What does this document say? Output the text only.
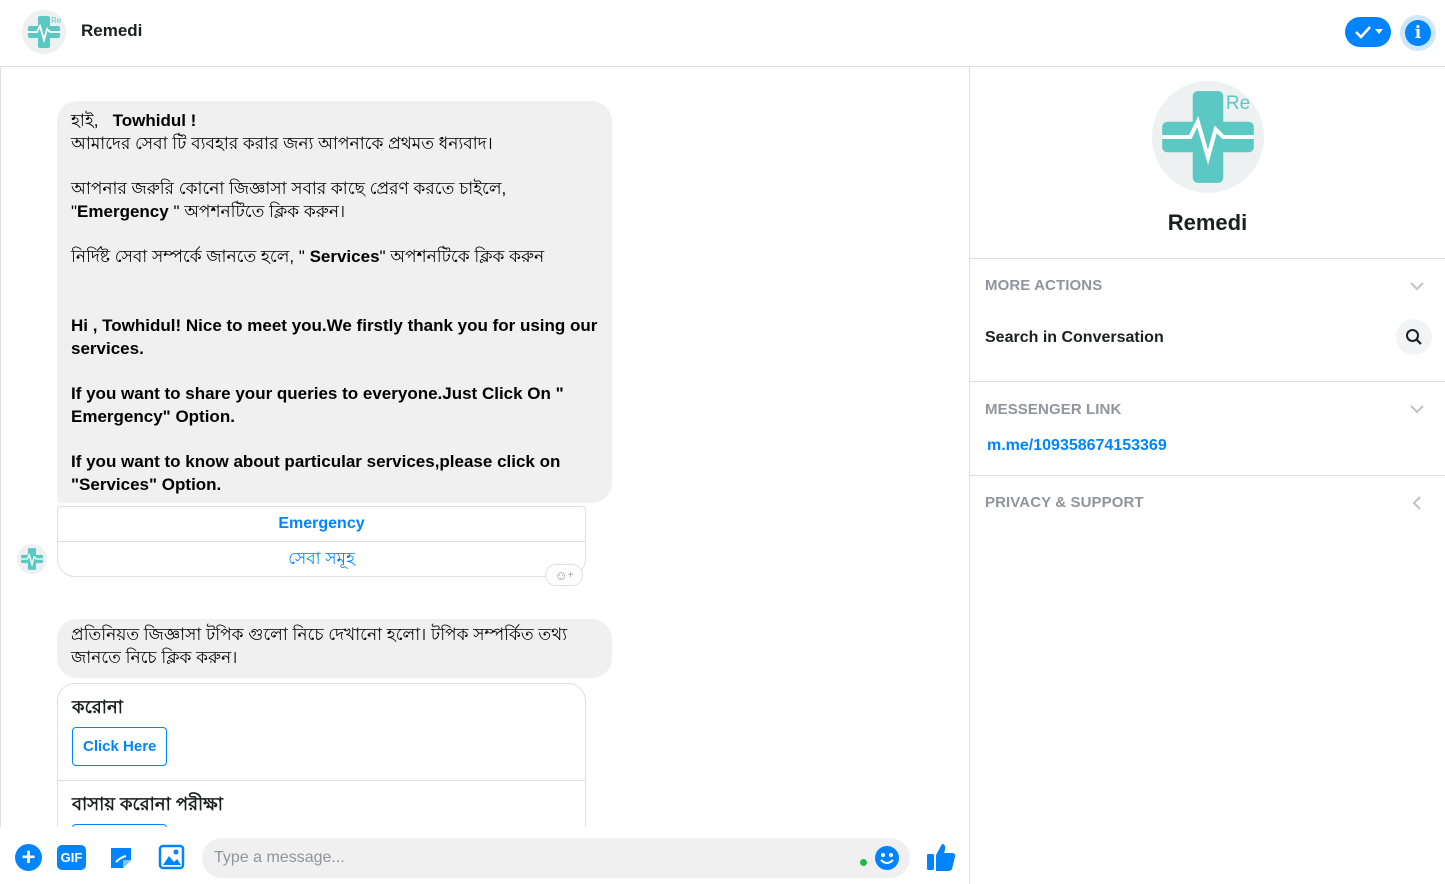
Re
Remedi	i

হাই, Towhidul !

আমাদের সেবা টি ব্যবহার করার জন্য আপনাকে প্রথমত ধন্যবাদ।

আপনার জরুরি কোনো জিজ্ঞাসা সবার কাছে প্রেরণ করতে চাইলে, "Emergency " অপশনটিতে ক্লিক করুন।

নির্দিষ্ট সেবা সম্পর্কে জানতে হলে, " Services" অপশনটিকে ক্লিক করুন

Hi , Towhidul! Nice to meet you.We firstly thank you for using our services.

If you want to share your queries to everyone.Just Click On " Emergency" Option.

If you want to know about particular services,please click on "Services" Option.

Emergency
সেবা সমূহ
☺ +
প্রতিনিয়ত জিজ্ঞাসা টপিক গুলো নিচে দেখানো হলো। টপিক সম্পর্কিত তথ্য জানতে নিচে ক্লিক করুন।
করোনা
Click Here
বাসায় করোনা পরীক্ষা
+	GIF
Type a message...
Re
Remedi
MORE ACTIONS
Search in Conversation
MESSENGER LINK
m.me/109358674153369
PRIVACY & SUPPORT
